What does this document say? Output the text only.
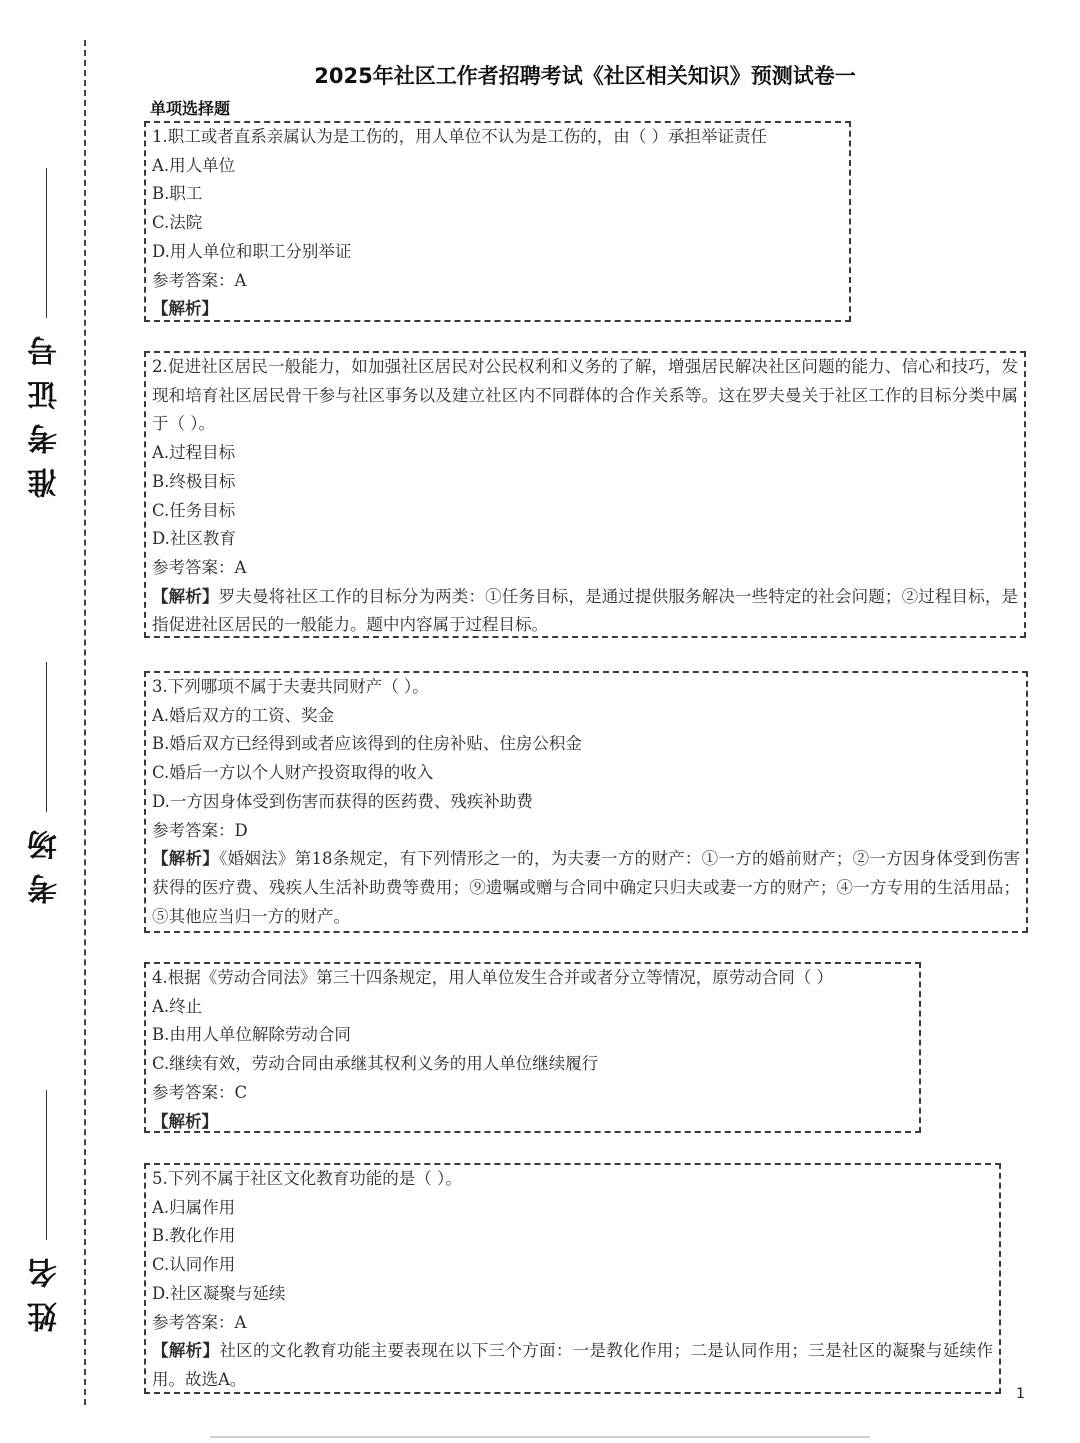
准考证号
考场
姓名
2025年社区工作者招聘考试《社区相关知识》预测试卷一
单项选择题
1.职工或者直系亲属认为是工伤的，用人单位不认为是工伤的，由（ ）承担举证责任
A.用人单位
B.职工
C.法院
D.用人单位和职工分别举证
参考答案：A
【解析】
2.促进社区居民一般能力，如加强社区居民对公民权利和义务的了解，增强居民解决社区问题的能力、信心和技巧，发现和培育社区居民骨干参与社区事务以及建立社区内不同群体的合作关系等。这在罗夫曼关于社区工作的目标分类中属于（ ）。
A.过程目标
B.终极目标
C.任务目标
D.社区教育
参考答案：A
【解析】罗夫曼将社区工作的目标分为两类：①任务目标，是通过提供服务解决一些特定的社会问题；②过程目标，是指促进社区居民的一般能力。题中内容属于过程目标。
3.下列哪项不属于夫妻共同财产（ ）。
A.婚后双方的工资、奖金
B.婚后双方已经得到或者应该得到的住房补贴、住房公积金
C.婚后一方以个人财产投资取得的收入
D.一方因身体受到伤害而获得的医药费、残疾补助费
参考答案：D
【解析】《婚姻法》第18条规定，有下列情形之一的，为夫妻一方的财产：①一方的婚前财产；②一方因身体受到伤害获得的医疗费、残疾人生活补助费等费用；⑨遗嘱或赠与合同中确定只归夫或妻一方的财产；④一方专用的生活用品；⑤其他应当归一方的财产。
4.根据《劳动合同法》第三十四条规定，用人单位发生合并或者分立等情况，原劳动合同（ ）
A.终止
B.由用人单位解除劳动合同
C.继续有效，劳动合同由承继其权利义务的用人单位继续履行
参考答案：C
【解析】
5.下列不属于社区文化教育功能的是（ ）。
A.归属作用
B.教化作用
C.认同作用
D.社区凝聚与延续
参考答案：A
【解析】社区的文化教育功能主要表现在以下三个方面：一是教化作用；二是认同作用；三是社区的凝聚与延续作用。故选A。
1
